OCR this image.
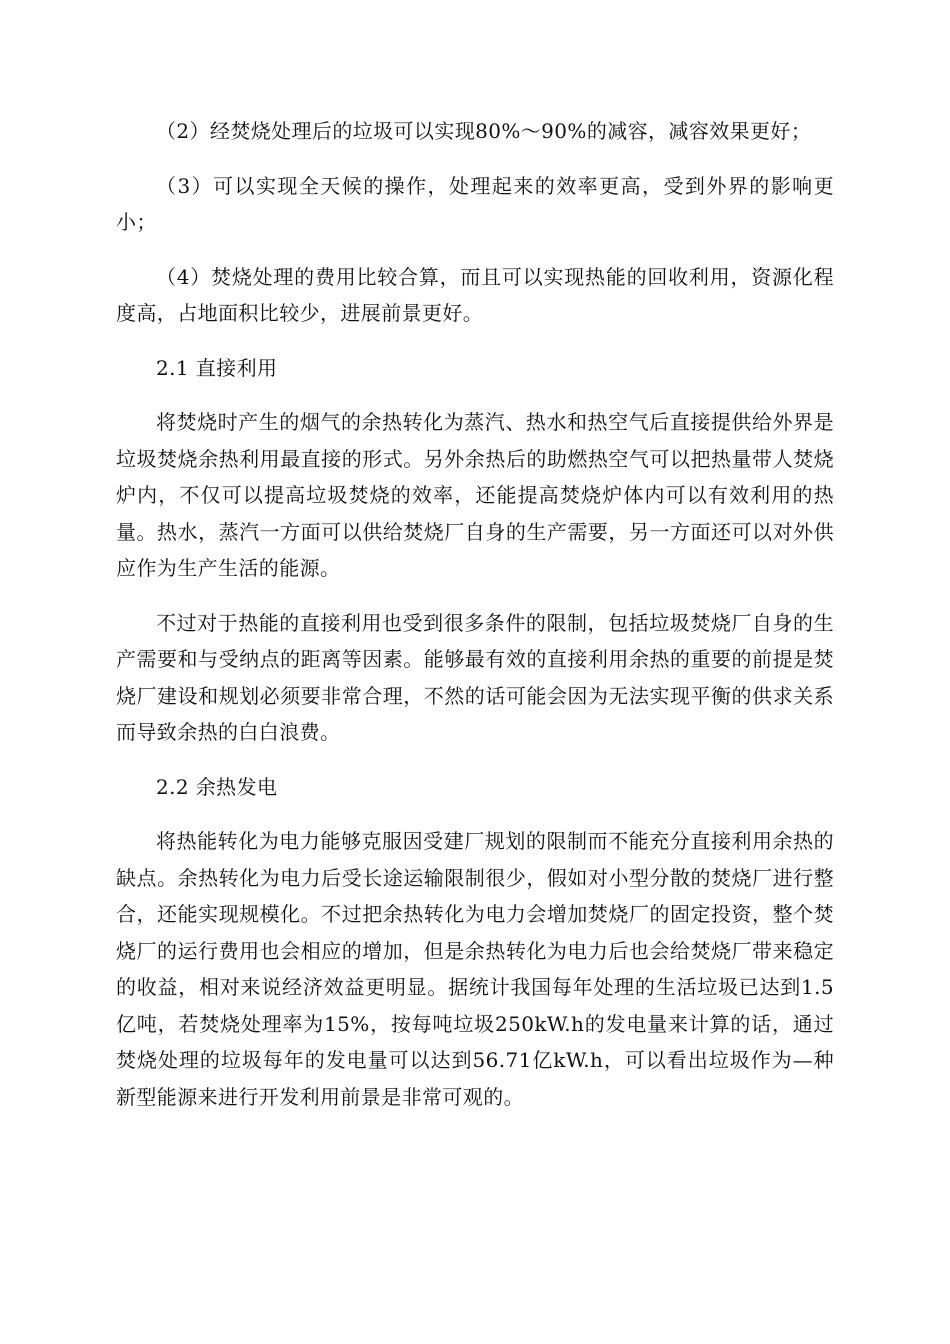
（2）经焚烧处理后的垃圾可以实现80%～90%的减容，减容效果更好；

（3）可以实现全天候的操作，处理起来的效率更高，受到外界的影响更小；

（4）焚烧处理的费用比较合算，而且可以实现热能的回收利用，资源化程度高，占地面积比较少，进展前景更好。

2.1 直接利用

将焚烧时产生的烟气的余热转化为蒸汽、热水和热空气后直接提供给外界是垃圾焚烧余热利用最直接的形式。另外余热后的助燃热空气可以把热量带人焚烧炉内，不仅可以提高垃圾焚烧的效率，还能提高焚烧炉体内可以有效利用的热量。热水，蒸汽一方面可以供给焚烧厂自身的生产需要，另一方面还可以对外供应作为生产生活的能源。

不过对于热能的直接利用也受到很多条件的限制，包括垃圾焚烧厂自身的生产需要和与受纳点的距离等因素。能够最有效的直接利用余热的重要的前提是焚烧厂建设和规划必须要非常合理，不然的话可能会因为无法实现平衡的供求关系而导致余热的白白浪费。

2.2 余热发电

将热能转化为电力能够克服因受建厂规划的限制而不能充分直接利用余热的缺点。余热转化为电力后受长途运输限制很少，假如对小型分散的焚烧厂进行整合，还能实现规模化。不过把余热转化为电力会增加焚烧厂的固定投资，整个焚烧厂的运行费用也会相应的增加，但是余热转化为电力后也会给焚烧厂带来稳定的收益，相对来说经济效益更明显。据统计我国每年处理的生活垃圾已达到1.5亿吨，若焚烧处理率为15%，按每吨垃圾250kW.h的发电量来计算的话，通过焚烧处理的垃圾每年的发电量可以达到56.71亿kW.h，可以看出垃圾作为—种新型能源来进行开发利用前景是非常可观的。
